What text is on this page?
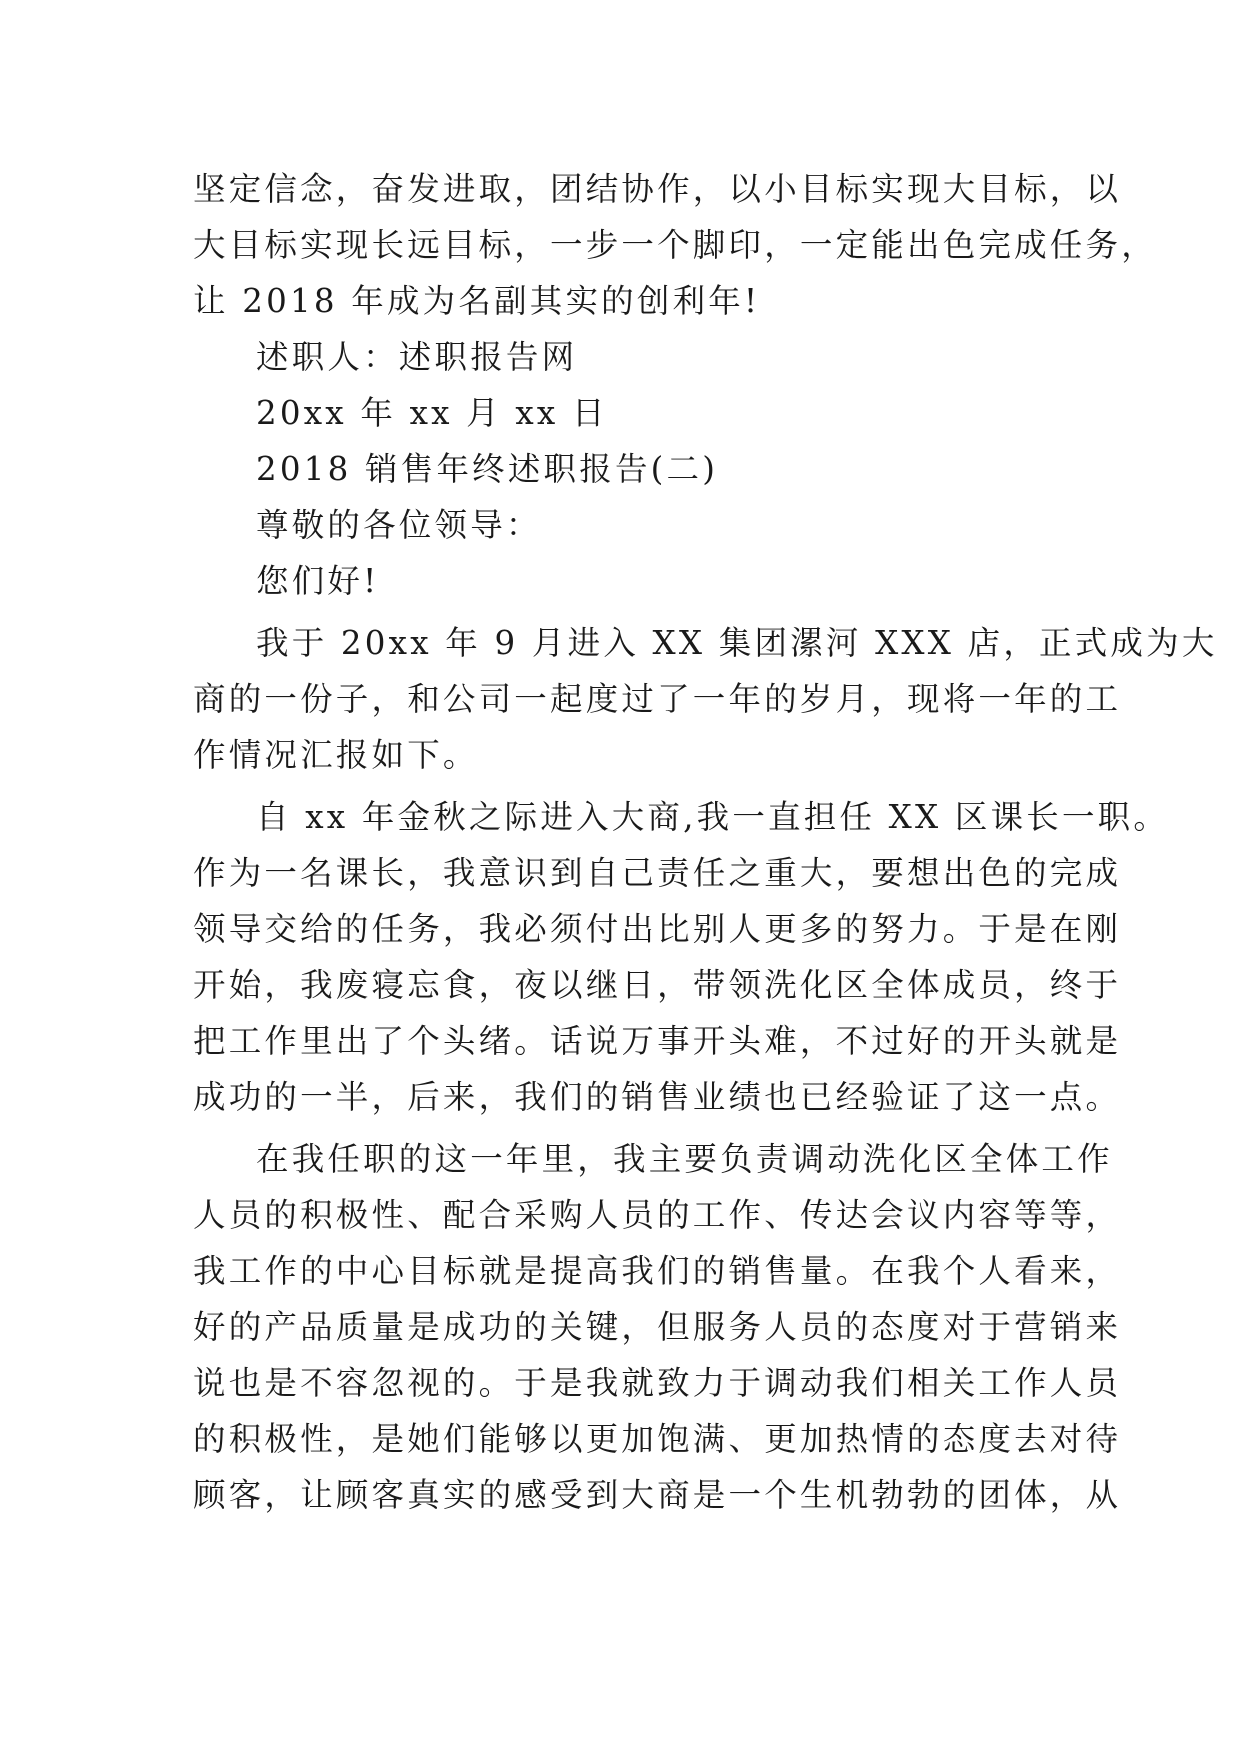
坚定信念，奋发进取，团结协作，以小目标实现大目标，以
大目标实现长远目标，一步一个脚印，一定能出色完成任务，
让 2018 年成为名副其实的创利年!
述职人：述职报告网
20xx 年 xx 月 xx 日
2018 销售年终述职报告(二)
尊敬的各位领导：
您们好!
我于 20xx 年 9 月进入 XX 集团漯河 XXX 店，正式成为大
商的一份子，和公司一起度过了一年的岁月，现将一年的工
作情况汇报如下。
自 xx 年金秋之际进入大商,我一直担任 XX 区课长一职。
作为一名课长，我意识到自己责任之重大，要想出色的完成
领导交给的任务，我必须付出比别人更多的努力。于是在刚
开始，我废寝忘食，夜以继日，带领洗化区全体成员，终于
把工作里出了个头绪。话说万事开头难，不过好的开头就是
成功的一半，后来，我们的销售业绩也已经验证了这一点。
在我任职的这一年里，我主要负责调动洗化区全体工作
人员的积极性、配合采购人员的工作、传达会议内容等等，
我工作的中心目标就是提高我们的销售量。在我个人看来，
好的产品质量是成功的关键，但服务人员的态度对于营销来
说也是不容忽视的。于是我就致力于调动我们相关工作人员
的积极性，是她们能够以更加饱满、更加热情的态度去对待
顾客，让顾客真实的感受到大商是一个生机勃勃的团体，从
